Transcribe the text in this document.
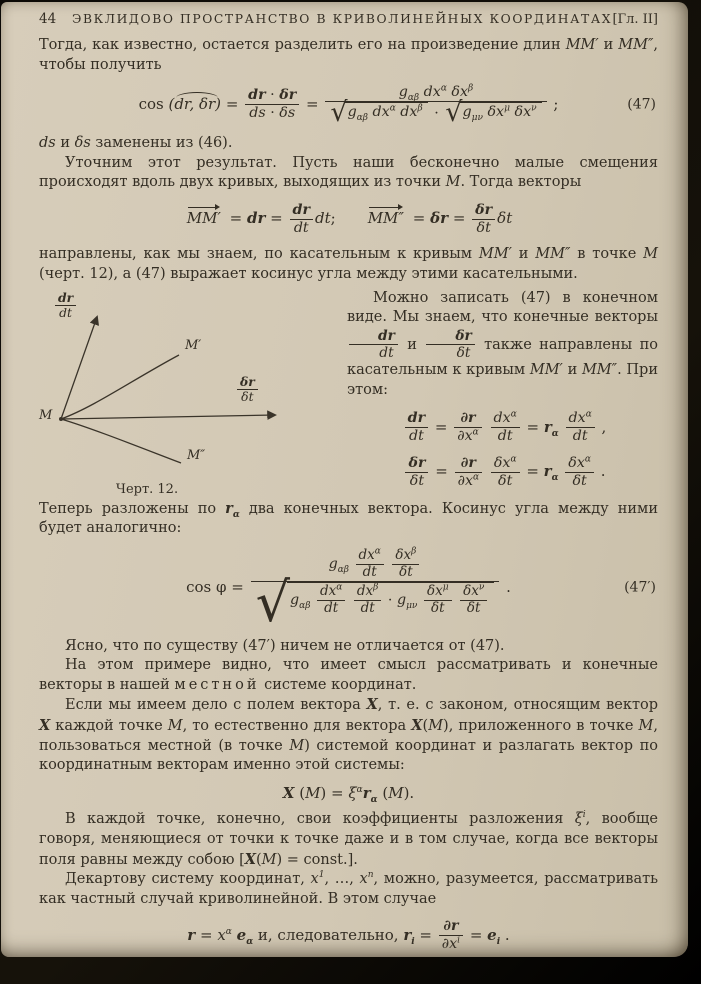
44	ЭВКЛИДОВО ПРОСТРАНСТВО В КРИВОЛИНЕЙНЫХ КООРДИНАТАХ [Гл. II]

Тогда, как известно, остается разделить его на произведение длин MM′ и MM″, чтобы получить

cos (dr, $\delta r) = \frac{dr \cdot \delta r}{ds \cdot \delta s} = \frac{g_{\alpha\beta} dx^\alpha \delta x^\beta}{√ g_{\alpha\beta} dx^\alpha dx^\beta \cdot √ g_{\mu\nu} \delta x^\mu \delta x^\nu}$ ;	(47)

ds и δs заменены из (46).

Уточним этот результат. Пусть наши бесконечно малые смещения происходят вдоль двух кривых, выходящих из точки M. Тогда векторы

MM′ = dr = $\frac{dr}{dt}$ dt;  $MM'' = \delta r = \frac{\delta r}{\delta t}$ δt

направлены, как мы знаем, по касательным к кривым MM′ и MM″ в точке M (черт. 12), а (47) выражает косинус угла между этими касательными.

$\frac{dr}{dt}$
M′
M
$\frac{\delta r}{\delta t}$
M″
Черт. 12.

Можно записать (47) в конечном виде. Мы знаем, что конечные векторы
$\frac{dr}{dt}$ и $\frac{\delta r}{\delta t}$ также направлены по касательным к кривым MM′ и MM″. При этом:

$\frac{dr}{dt} = \frac{\partial r}{\partial x^\alpha}$
$\frac{dx^\alpha}{dt} = r_\alpha \frac{dx^\alpha}{dt}$ ,
$\frac{\delta r}{\delta t} = \frac{\partial r}{\partial x^\alpha}$
$\frac{\delta x^\alpha}{\delta t} = r_\alpha \frac{\delta x^\alpha}{\delta t}$ .

Теперь разложены по $r_\alpha$ два конечных вектора. Косинус угла между ними будет аналогично:

$\cos \varphi = g_{\alpha\beta} \frac{dx^\alpha}{dt}$
$\frac{\delta x^\beta}{\delta t}$
√ $g_{\alpha\beta} \frac{dx^\alpha}{dt}$
$\frac{dx^\beta}{dt} \cdot g_{\mu\nu} \frac{\delta x^\mu}{\delta t}$
$\frac{\delta x^\nu}{\delta t}$ .	(47′)

Ясно, что по существу (47′) ничем не отличается от (47).

На этом примере видно, что имеет смысл рассматривать и конечные векторы в нашей местной системе координат.

Если мы имеем дело с полем вектора X, т. е. с законом, относящим вектор X каждой точке M, то естественно для вектора X(M), приложенного в точке M, пользоваться местной (в точке M) системой координат и разлагать вектор по координатным векторам именно этой системы:

X $(M) = \xi^\alpha r_\alpha$ (M).

В каждой точке, конечно, свои коэффициенты разложения $\xi^i$, вообще говоря, меняющиеся от точки к точке даже и в том случае, когда все векторы поля равны между собою [X(M) = const.].

Декартову систему координат, $x^1$, …, $x^n$, можно, разумеется, рассматривать как частный случай криволинейной. В этом случае

$r = x^\alpha$ $e_\alpha$ и, следовательно, $r_i = \frac{\partial r}{\partial x^i} = e_i$ .
